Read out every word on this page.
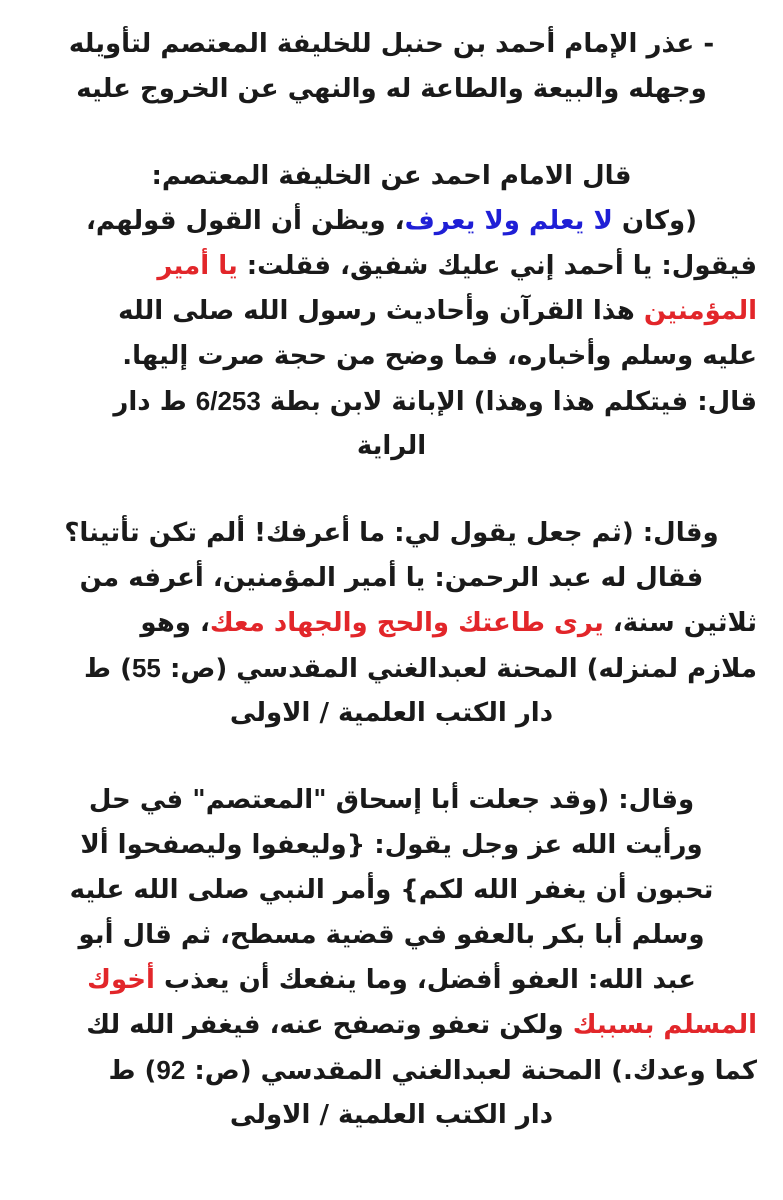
- عذر الإمام أحمد بن حنبل للخليفة المعتصم لتأويله
وجهله والبيعة والطاعة له والنهي عن الخروج عليه
قال الامام احمد عن الخليفة المعتصم:
(وكان لا يعلم ولا يعرف، ويظن أن القول قولهم،
فيقول: يا أحمد إني عليك شفيق، فقلت: يا أمير
المؤمنين هذا القرآن وأحاديث رسول الله صلى الله
عليه وسلم وأخباره، فما وضح من حجة صرت إليها.
قال: فيتكلم هذا وهذا) الإبانة لابن بطة 6/253 ط دار
الراية
وقال: (ثم جعل يقول لي: ما أعرفك! ألم تكن تأتينا؟
فقال له عبد الرحمن: يا أمير المؤمنين، أعرفه من
ثلاثين سنة، يرى طاعتك والحج والجهاد معك، وهو
ملازم لمنزله) المحنة لعبدالغني المقدسي (ص: 55) ط
دار الكتب العلمية / الاولى
وقال: (وقد جعلت أبا إسحاق "المعتصم" في حل
ورأيت الله عز وجل يقول: {وليعفوا وليصفحوا ألا
تحبون أن يغفر الله لكم} وأمر النبي صلى الله عليه
وسلم أبا بكر بالعفو في قضية مسطح، ثم قال أبو
عبد الله: العفو أفضل، وما ينفعك أن يعذب أخوك
المسلم بسببك ولكن تعفو وتصفح عنه، فيغفر الله لك
كما وعدك.) المحنة لعبدالغني المقدسي (ص: 92) ط
دار الكتب العلمية / الاولى
